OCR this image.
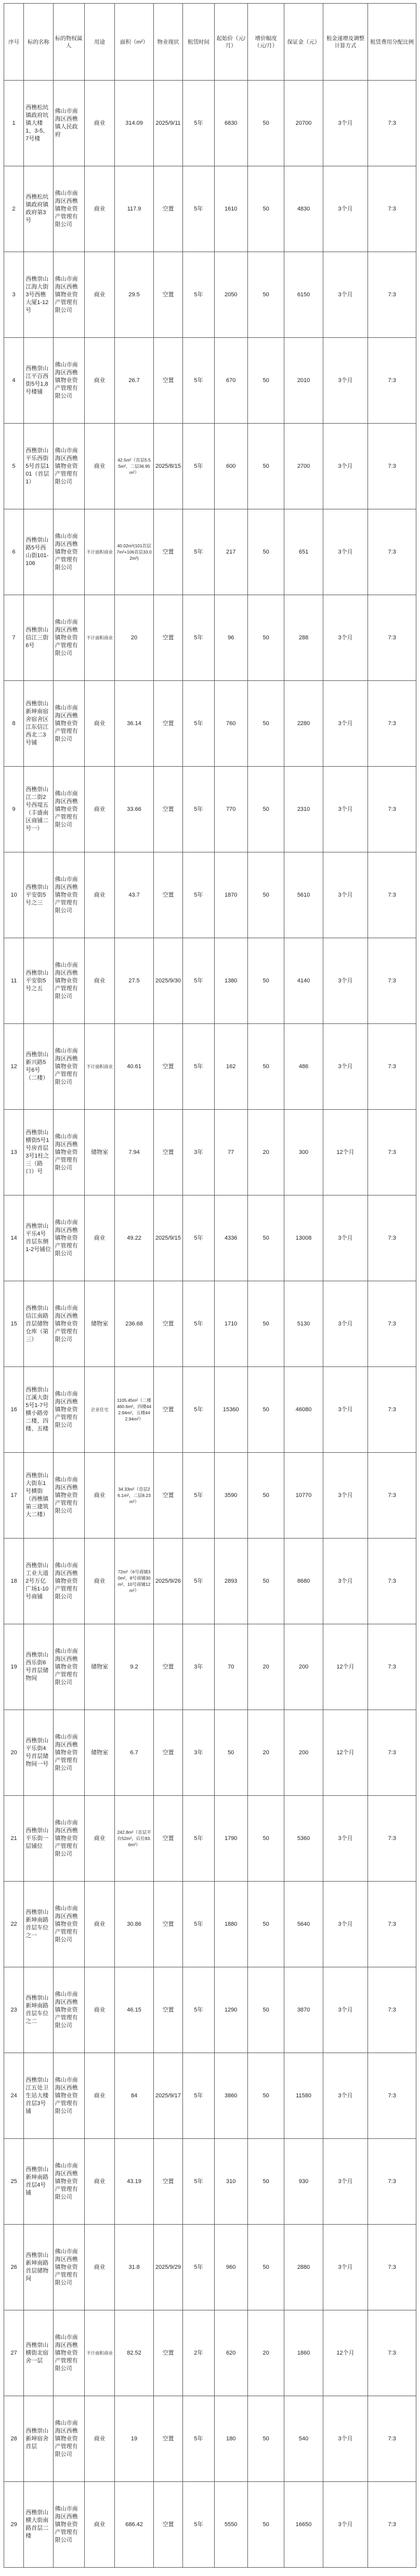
序号	标的名称	标的物权属人	用途	面积（m²）	物业现状	租赁时间	起始价（元/月）	增价幅度（元/月）	保证金（元）	租金递增及调整计算方式	租赁费用分配比例
1	西樵松坑镇政府坑镇大楼1、3-5、7号楼	佛山市南海区西樵镇人民政府	商业	314.09	2025/9/11	5年	6830	50	20700	3个月	7:3
2	西樵松坑镇政府镇政府第3号	佛山市南海区西樵镇物业资产管理有限公司	商业	117.9	空置	5年	1610	50	4830	3个月	7:3
3	西樵崇山江海大街3号西樵大厦1-12号	佛山市南海区西樵镇物业资产管理有限公司	商业	29.5	空置	5年	2050	50	6150	3个月	7:3
4	西樵崇山江平百西街5号1,8号楼铺	佛山市南海区西樵镇物业资产管理有限公司	商业	26.7	空置	5年	670	50	2010	3个月	7:3
5	西樵崇山平乐西街5号首层101（首层1）	佛山市南海区西樵镇物业资产管理有限公司	商业	42.5m²（首层5.55m²，二层36.95m²）	2025/8/15	5年	600	50	2700	3个月	7:3
6	西樵崇山路5号西山街101-106	佛山市南海区西樵镇物业资产管理有限公司	不计面积商业	40.02m²(101首层7m²+106首层33.02m²)	空置	5年	217	50	651	3个月	7:3
7	西樵崇山信江三街6号	佛山市南海区西樵镇物业资产管理有限公司	不计面积商业	20	空置	5年	96	50	288	3个月	7:3
8	西樵崇山新坤南宿舍宿舍区江东信江西北二3号铺	佛山市南海区西樵镇物业资产管理有限公司	商业	36.14	空置	5年	760	50	2280	3个月	7:3
9	西樵崇山江二街2号西堤五（丰盛南区商铺二号一）	佛山市南海区西樵镇物业资产管理有限公司	商业	33.66	空置	5年	770	50	2310	3个月	7:3
10	西樵崇山平安街5号之三	佛山市南海区西樵镇物业资产管理有限公司	商业	43.7	空置	5年	1870	50	5610	3个月	7:3
11	西樵崇山平安街5号之五	佛山市南海区西樵镇物业资产管理有限公司	商业	27.5	2025/9/30	5年	1380	50	4140	3个月	7:3
12	西樵崇山新兴路5号6号（二楼）	佛山市南海区西樵镇物业资产管理有限公司	不计面积商业	40.61	空置	5年	162	50	486	3个月	7:3
13	西樵崇山横街5号1号房首层3号1柱之三（路口）号	佛山市南海区西樵镇物业资产管理有限公司	储物室	7.94	空置	3年	77	20	300	12个月	7:3
14	西樵崇山平乐4号首层东侧1-2号铺位	佛山市南海区西樵镇物业资产管理有限公司	商业	49.22	2025/9/15	5年	4336	50	13008	3个月	7:3
15	西樵崇山信江南路首层储物仓库（第三）	佛山市南海区西樵镇物业资产管理有限公司	储物室	236.68	空置	5年	1710	50	5130	3个月	7:3
16	西樵崇山江溪大街5号1-7号横小路旁二楼、四楼、五楼	佛山市南海区西樵镇物业资产管理有限公司	企业住宅	1105.45m²（二楼460.6m²，四楼442.94m²，五楼442.94m²）	空置	5年	15360	50	46080	3个月	7:3
17	西樵崇山大街东1号横街（西樵镇第三建筑大二楼）	佛山市南海区西樵镇物业资产管理有限公司	商业	34.33m²（首层26.1m²，二层8.23m²）	空置	5年	3590	50	10770	3个月	7:3
18	西樵崇山工业大道2号万亿广场1-10号商铺	佛山市南海区西樵镇物业资产管理有限公司	商业	72m²（6号商铺30m²，8号商铺30m²，10号商铺12m²）	2025/9/26	5年	2893	50	8680	3个月	7:3
19	西樵崇山西乐街6号首层储物间	佛山市南海区西樵镇物业资产管理有限公司	储物室	9.2	空置	3年	70	20	200	12个月	7:3
20	西樵崇山平乐街4号首层储物间一号	佛山市南海区西樵镇物业资产管理有限公司	储物室	6.7	空置	3年	50	20	200	12个月	7:3
21	西樵崇山平乐街一层铺位	佛山市南海区西樵镇物业资产管理有限公司	商业	242.8m²（首层平台52m²，后位83.6m²）	空置	5年	1790	50	5360	3个月	7:3
22	西樵崇山新坤南路首层车位之一	佛山市南海区西樵镇物业资产管理有限公司	商业	30.86	空置	5年	1880	50	5640	3个月	7:3
23	西樵崇山新坤南路首层车位之二	佛山市南海区西樵镇物业资产管理有限公司	商业	46.15	空置	5年	1290	50	3870	3个月	7:3
24	西樵崇山江五处卫生站大楼首层3号铺	佛山市南海区西樵镇物业资产管理有限公司	商业	84	2025/9/17	5年	3860	50	11580	3个月	7:3
25	西樵崇山新坤南路首层4号铺	佛山市南海区西樵镇物业资产管理有限公司	商业	43.19	空置	5年	310	50	930	3个月	7:3
26	西樵崇山新坤南路首层储物间	佛山市南海区西樵镇物业资产管理有限公司	商业	31.8	2025/9/29	5年	960	50	2880	3个月	7:3
27	西樵崇山横街北宿舍一层	佛山市南海区西樵镇物业资产管理有限公司	不计面积商业	82.52	空置	2年	620	20	1860	12个月	7:3
28	西樵崇山新坤宿舍首层	佛山市南海区西樵镇物业资产管理有限公司	商业	19	空置	5年	180	50	540	3个月	7:3
29	西樵崇山横大街南路首层二楼	佛山市南海区西樵镇物业资产管理有限公司	商业	686.42	空置	5年	5550	50	16650	3个月	7:3
